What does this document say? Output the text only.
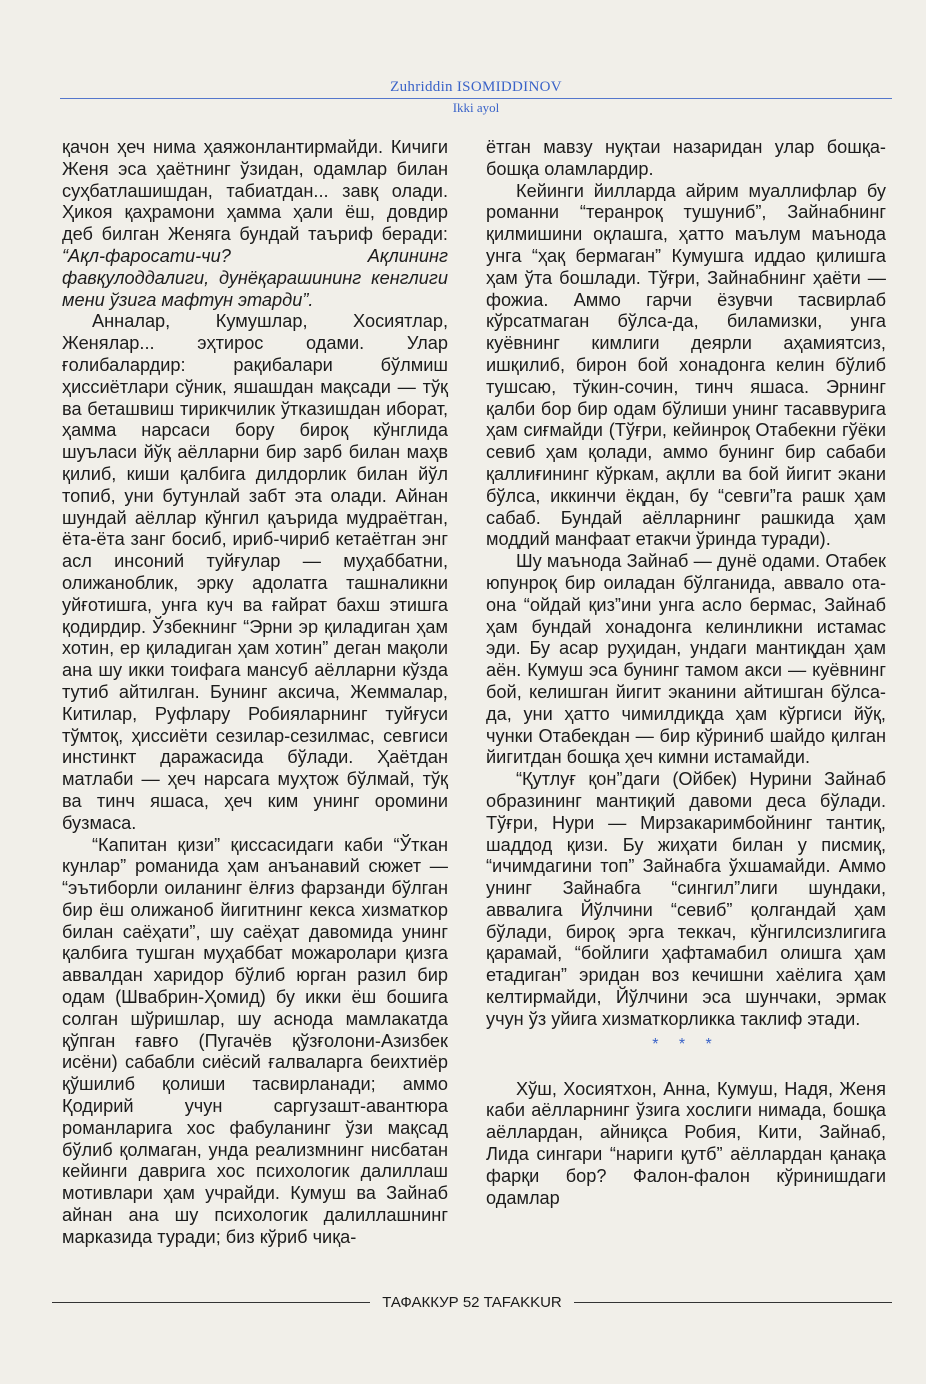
Zuhriddin ISOMIDDINOV
Ikki ayol

қачон ҳеч нима ҳаяжонлантирмайди. Кичиги Женя эса ҳаётнинг ўзидан, одамлар билан суҳбатлашишдан, табиатдан... завқ олади. Ҳикоя қаҳрамони ҳамма ҳали ёш, довдир деб билган Женяга бундай таъриф беради: “Ақл-фаросати-чи? Ақлининг фавқулоддалиги, дунёқарашининг кенглиги мени ўзига мафтун этарди”.

Анналар, Кумушлар, Хосиятлар, Женялар... эҳтирос одами. Улар ғолибалардир: рақибалари бўлмиш ҳиссиётлари сўник, яшашдан мақсади — тўқ ва беташвиш тирикчилик ўтказишдан иборат, ҳамма нарсаси бору бироқ кўнглида шуъласи йўқ аёлларни бир зарб билан маҳв қилиб, киши қалбига дилдорлик билан йўл топиб, уни бутунлай забт эта олади. Айнан шундай аёллар кўнгил қаърида мудраётган, ёта-ёта занг босиб, ириб-чириб кетаётган энг асл инсоний туйғулар — муҳаббатни, олижаноблик, эрку адолатга ташналикни уйғотишга, унга куч ва ғайрат бахш этишга қодирдир. Ўзбекнинг “Эрни эр қиладиган ҳам хотин, ер қиладиган ҳам хотин” деган мақоли ана шу икки тоифага мансуб аёлларни кўзда тутиб айтилган. Бунинг аксича, Жеммалар, Китилар, Руфлару Робияларнинг туйғуси тўмтоқ, ҳиссиёти сезилар-сезилмас, севгиси инстинкт даражасида бўлади. Ҳаётдан матлаби — ҳеч нарсага муҳтож бўлмай, тўқ ва тинч яшаса, ҳеч ким унинг оромини бузмаса.

“Капитан қизи” қиссасидаги каби “Ўткан кунлар” романида ҳам анъанавий сюжет — “эътиборли оиланинг ёлғиз фарзанди бўлган бир ёш олижаноб йигитнинг кекса хизматкор билан саёҳати”, шу саёҳат давомида унинг қалбига тушган муҳаббат можаролари қизга аввалдан харидор бўлиб юрган разил бир одам (Швабрин-Ҳомид) бу икки ёш бошига солган шўришлар, шу аснода мамлакатда қўпган ғавғо (Пугачёв қўзғолони-Азизбек исёни) сабабли сиёсий ғалваларга беихтиёр қўшилиб қолиши тасвирланади; аммо Қодирий учун саргузашт-авантюра романларига хос фабуланинг ўзи мақсад бўлиб қолмаган, унда реализмнинг нисбатан кейинги даврига хос психологик далиллаш мотивлари ҳам учрайди. Кумуш ва Зайнаб айнан ана шу психологик далиллашнинг марказида туради; биз кўриб чиқа-

ётган мавзу нуқтаи назаридан улар бошқа-бошқа оламлардир.

Кейинги йилларда айрим муаллифлар бу романни “теранроқ тушуниб”, Зайнабнинг қилмишини оқлашга, ҳатто маълум маънода унга “ҳақ бермаган” Кумушга иддао қилишга ҳам ўта бошлади. Тўғри, Зайнабнинг ҳаёти — фожиа. Аммо гарчи ёзувчи тасвирлаб кўрсатмаган бўлса-да, биламизки, унга куёвнинг кимлиги деярли аҳамиятсиз, ишқилиб, бирон бой хонадонга келин бўлиб тушсаю, тўкин-сочин, тинч яшаса. Эрнинг қалби бор бир одам бўлиши унинг тасаввурига ҳам сиғмайди (Тўғри, кейинроқ Отабекни гўёки севиб ҳам қолади, аммо бунинг бир сабаби қаллиғининг кўркам, ақлли ва бой йигит экани бўлса, иккинчи ёқдан, бу “севги”га рашк ҳам сабаб. Бундай аёлларнинг рашкида ҳам моддий манфаат етакчи ўринда туради).

Шу маънода Зайнаб — дунё одами. Отабек юпунроқ бир оиладан бўлганида, аввало ота-она “ойдай қиз”ини унга асло бермас, Зайнаб ҳам бундай хонадонга келинликни истамас эди. Бу асар руҳидан, ундаги мантиқдан ҳам аён. Кумуш эса бунинг тамом акси — куёвнинг бой, келишган йигит эканини айтишган бўлса-да, уни ҳатто чимилдиқда ҳам кўргиси йўқ, чунки Отабекдан — бир кўриниб шайдо қилган йигитдан бошқа ҳеч кимни истамайди.

“Қутлуғ қон”даги (Ойбек) Нурини Зайнаб образининг мантиқий давоми деса бўлади. Тўғри, Нури — Мирзакаримбойнинг тантиқ, шаддод қизи. Бу жиҳати билан у писмиқ, “ичимдагини топ” Зайнабга ўхшамайди. Аммо унинг Зайнабга “сингил”лиги шундаки, аввалига Йўлчини “севиб” қолгандай ҳам бўлади, бироқ эрга теккач, кўнгилсизлигига қарамай, “бойлиги ҳафтамабил олишга ҳам етадиган” эридан воз кечишни хаёлига ҳам келтирмайди, Йўлчини эса шунчаки, эрмак учун ўз уйига хизматкорликка таклиф этади.

* * *

Хўш, Хосиятхон, Анна, Кумуш, Надя, Женя каби аёлларнинг ўзига хослиги нимада, бошқа аёллардан, айниқса Робия, Кити, Зайнаб, Лида сингари “нариги қутб” аёллардан қанақа фарқи бор? Фалон-фалон кўринишдаги одамлар

ТАФАККУР 52 TAFAKKUR
